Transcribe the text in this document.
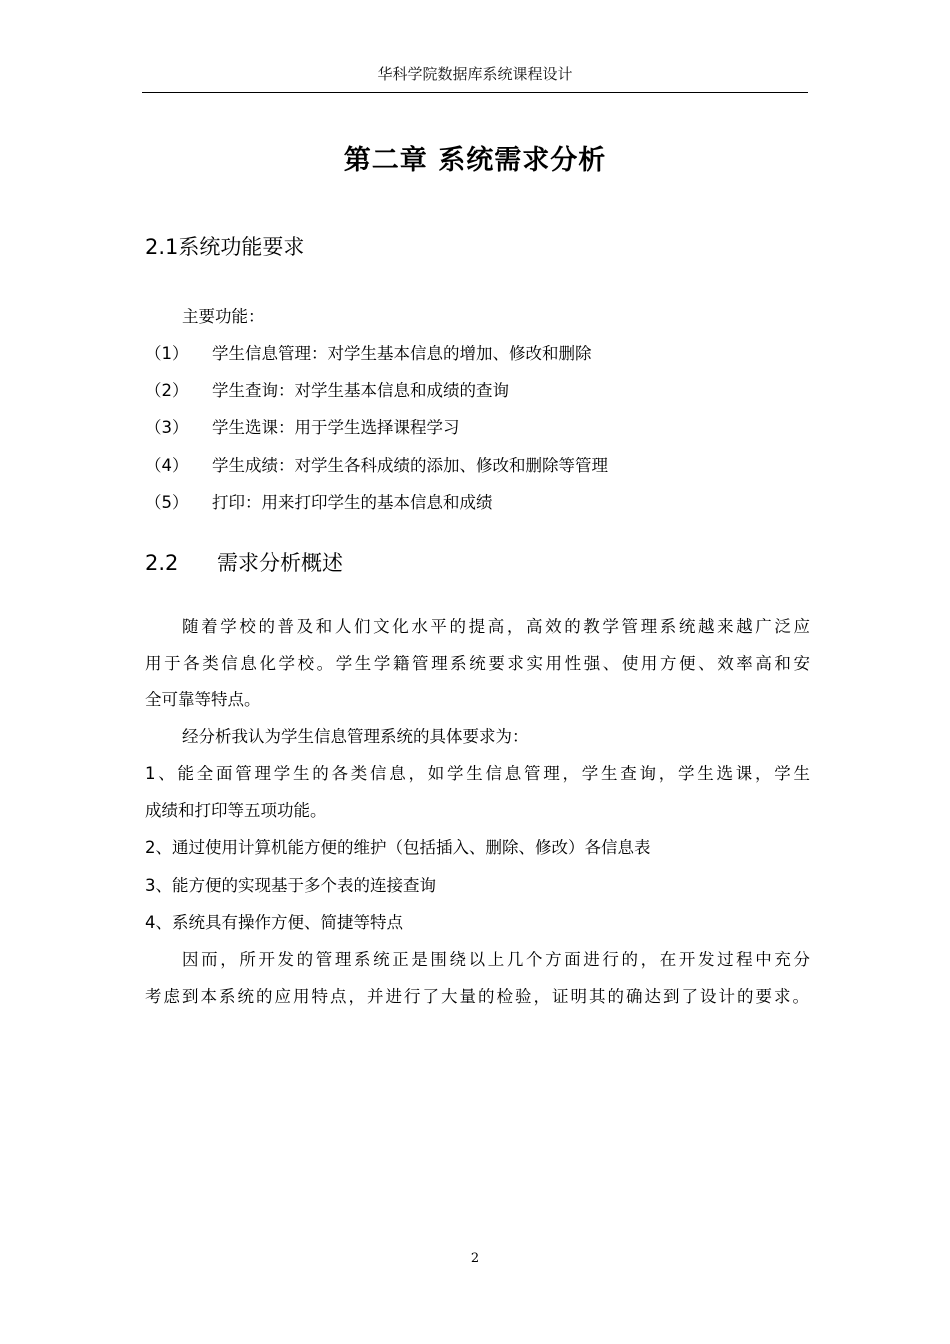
华科学院数据库系统课程设计
第二章 系统需求分析
2.1系统功能要求
主要功能：
（1） 学生信息管理：对学生基本信息的增加、修改和删除
（2） 学生查询：对学生基本信息和成绩的查询
（3） 学生选课：用于学生选择课程学习
（4） 学生成绩：对学生各科成绩的添加、修改和删除等管理
（5） 打印：用来打印学生的基本信息和成绩
2.2 需求分析概述
随着学校的普及和人们文化水平的提高，高效的教学管理系统越来越广泛应
用于各类信息化学校。学生学籍管理系统要求实用性强、使用方便、效率高和安
全可靠等特点。
经分析我认为学生信息管理系统的具体要求为：
1、能全面管理学生的各类信息，如学生信息管理，学生查询，学生选课，学生
成绩和打印等五项功能。
2、通过使用计算机能方便的维护（包括插入、删除、修改）各信息表
3、能方便的实现基于多个表的连接查询
4、系统具有操作方便、简捷等特点
因而，所开发的管理系统正是围绕以上几个方面进行的，在开发过程中充分
考虑到本系统的应用特点，并进行了大量的检验，证明其的确达到了设计的要求。
2
